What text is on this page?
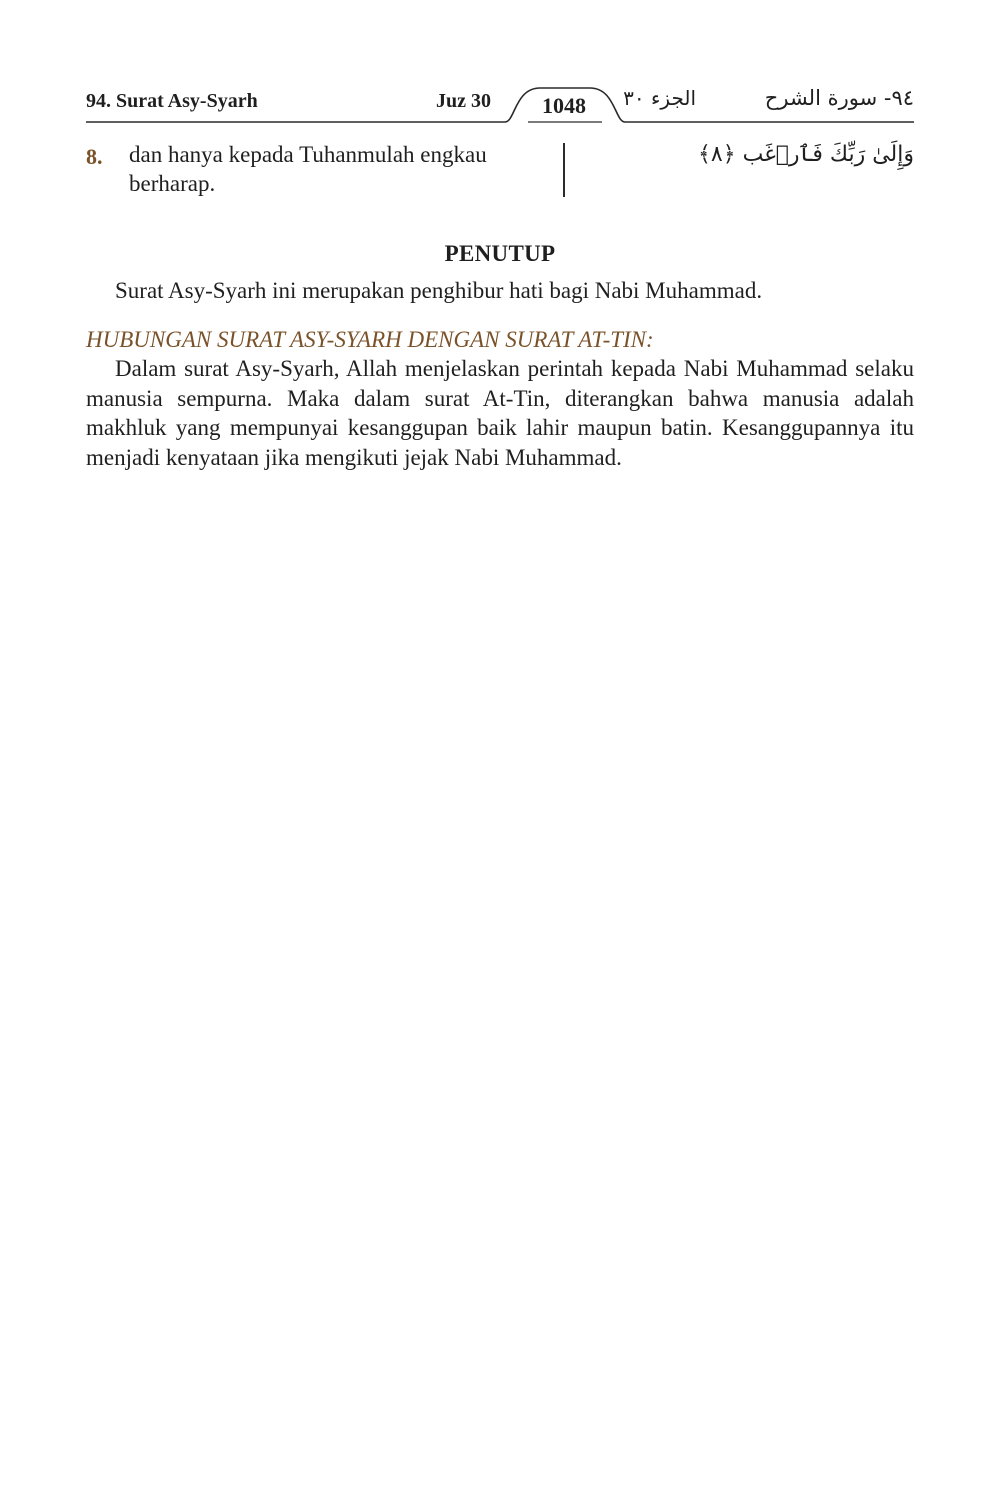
94. Surat Asy-Syarh	Juz 30	1048	الجزء ٣٠	٩٤- سورة الشرح
8. dan hanya kepada Tuhanmulah engkau berharap.
وَإِلَىٰ رَبِّكَ فَٱرۡغَب ﴿٨﴾
PENUTUP
Surat Asy-Syarh ini merupakan penghibur hati bagi Nabi Muhammad.
HUBUNGAN SURAT ASY-SYARH DENGAN SURAT AT-TIN:
Dalam surat Asy-Syarh, Allah menjelaskan perintah kepada Nabi Muhammad selaku manusia sempurna. Maka dalam surat At-Tin, diterangkan bahwa manusia adalah makhluk yang mempunyai kesanggupan baik lahir maupun batin. Kesanggupannya itu menjadi kenyataan jika mengikuti jejak Nabi Muhammad.
